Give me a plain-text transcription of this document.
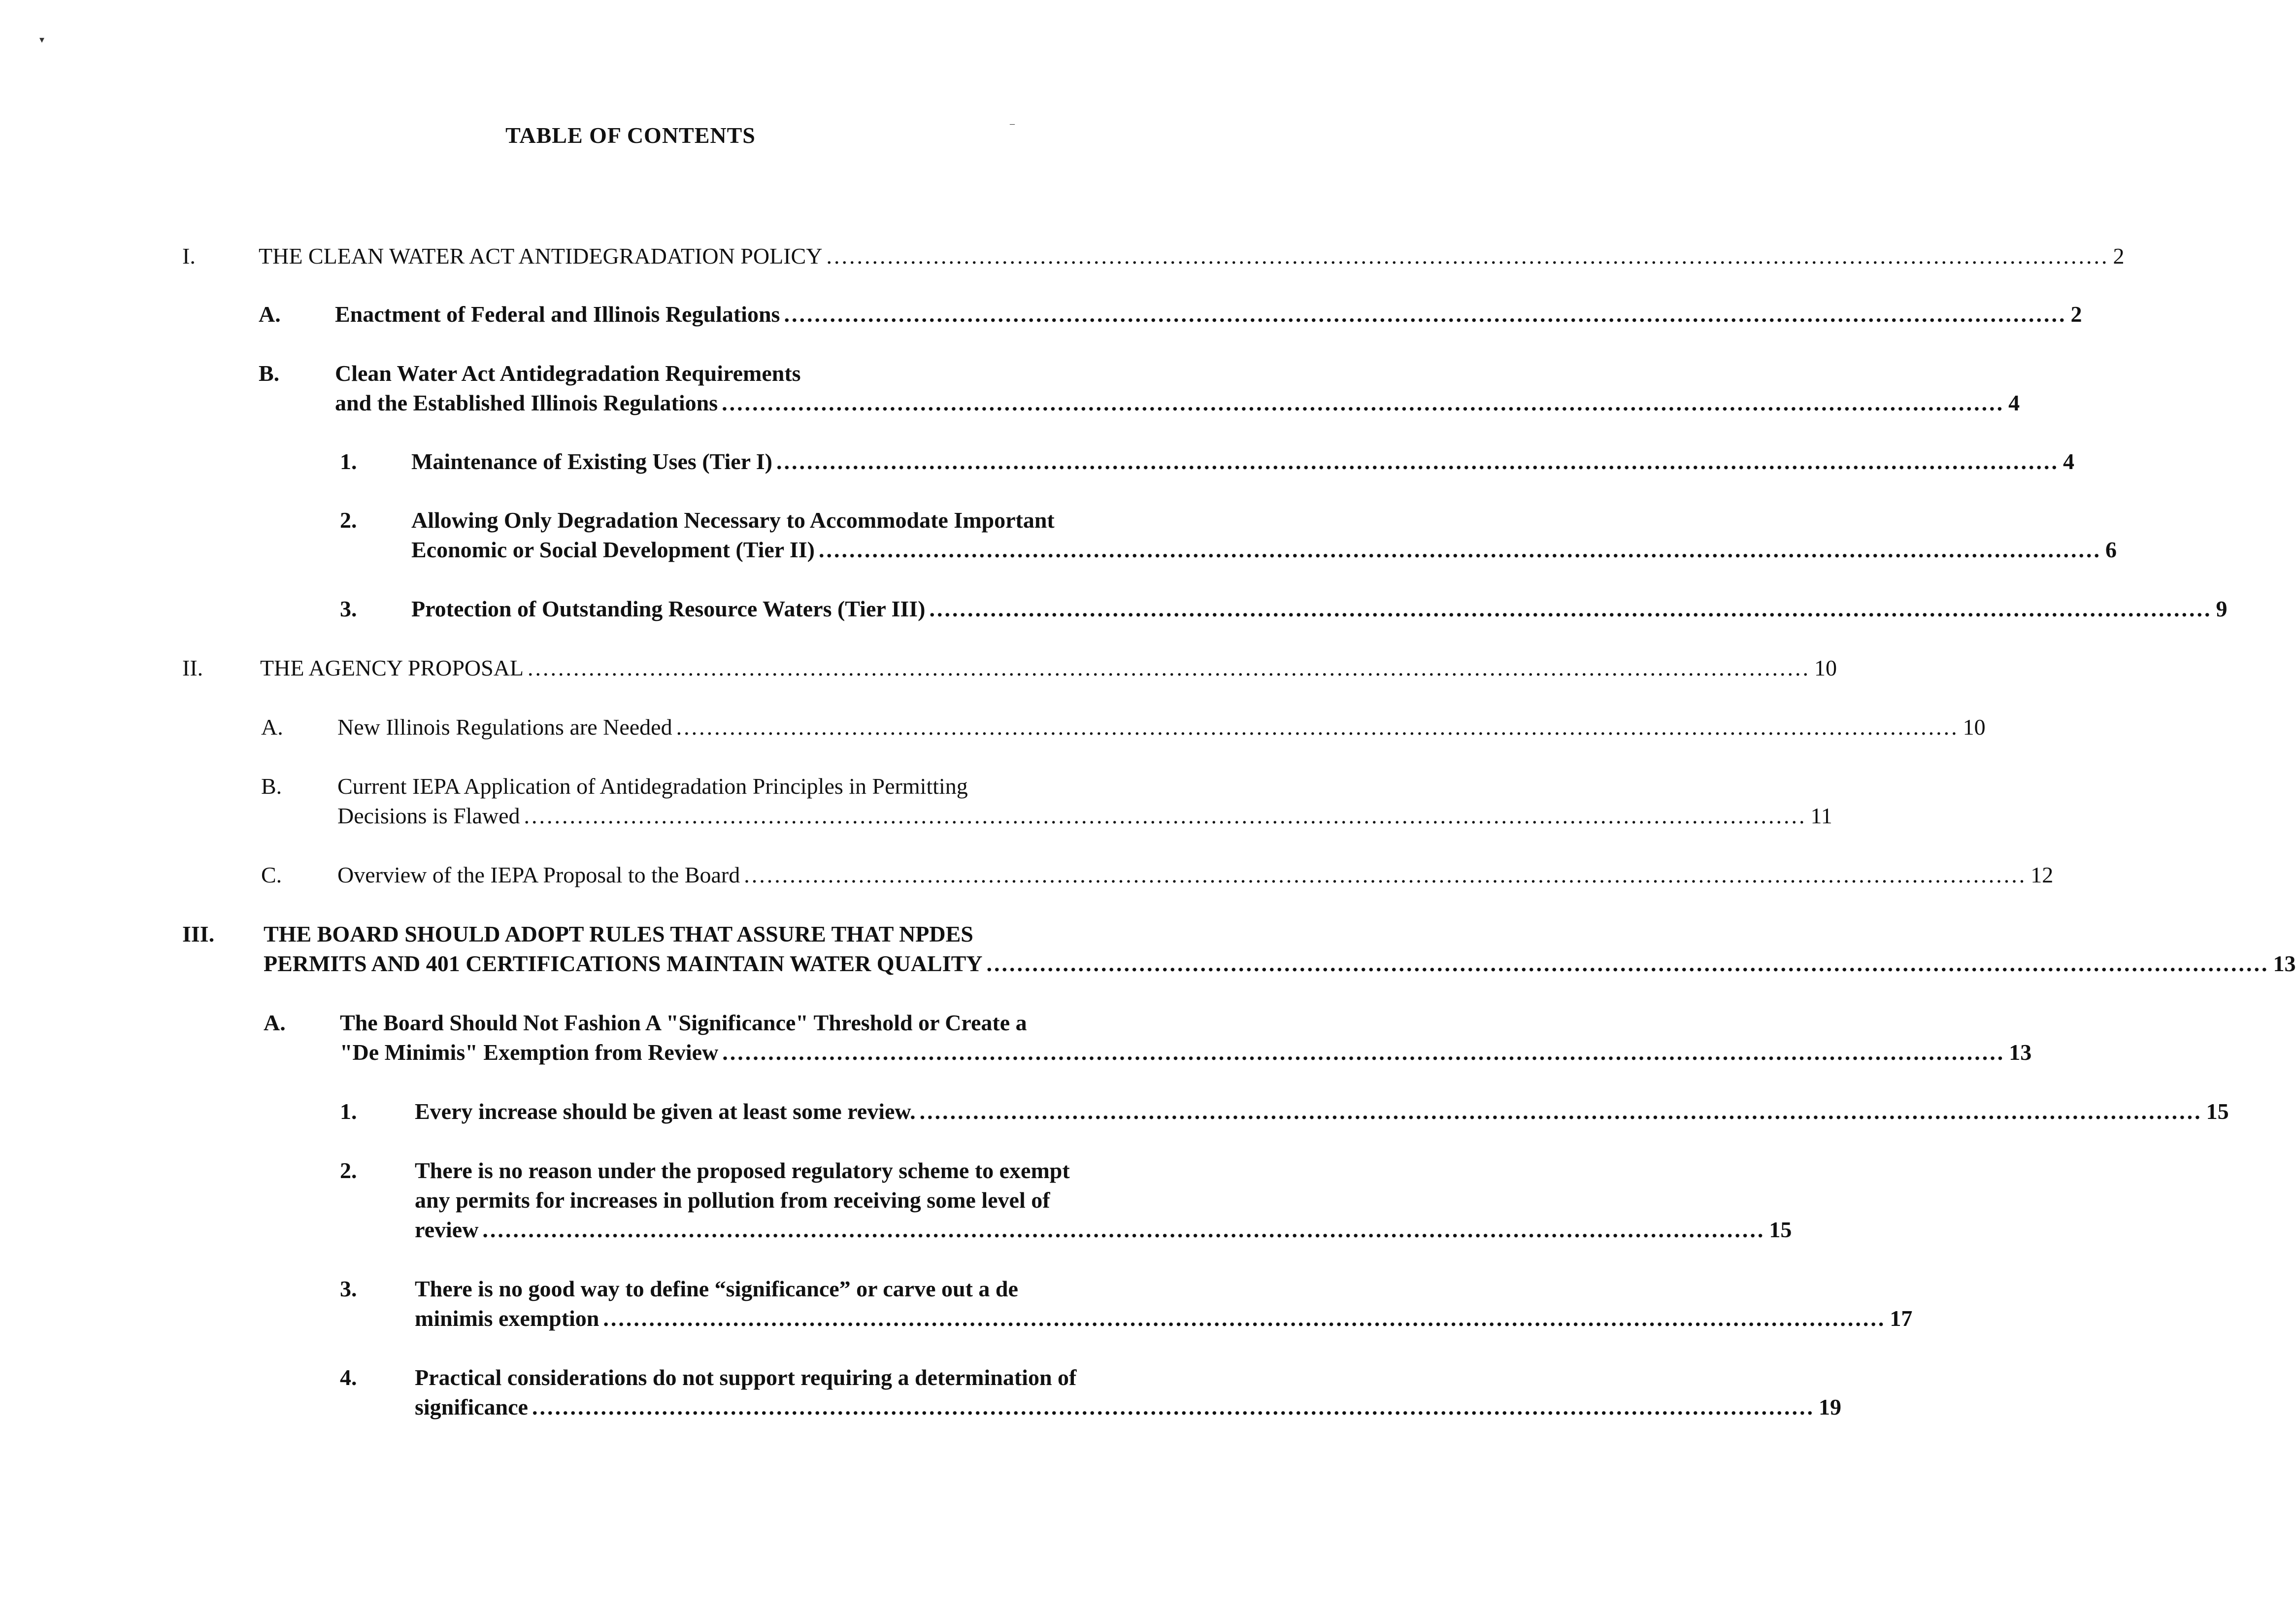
TABLE OF CONTENTS
I.	THE CLEAN WATER ACT ANTIDEGRADATION POLICY ........................................................................................................................................................................ 2
A. Enactment of Federal and Illinois Regulations ........................................................................................................................................................................ 2
B. Clean Water Act Antidegradation Requirements
and the Established Illinois Regulations ........................................................................................................................................................................ 4
1. Maintenance of Existing Uses (Tier I) ........................................................................................................................................................................ 4
2. Allowing Only Degradation Necessary to Accommodate Important
Economic or Social Development (Tier II) ........................................................................................................................................................................ 6
3. Protection of Outstanding Resource Waters (Tier III) ........................................................................................................................................................................ 9
II.	THE AGENCY PROPOSAL ........................................................................................................................................................................ 10
A. New Illinois Regulations are Needed ........................................................................................................................................................................ 10
B. Current IEPA Application of Antidegradation Principles in Permitting
Decisions is Flawed ........................................................................................................................................................................ 11
C. Overview of the IEPA Proposal to the Board ........................................................................................................................................................................ 12
III. THE BOARD SHOULD ADOPT RULES THAT ASSURE THAT NPDES
PERMITS AND 401 CERTIFICATIONS MAINTAIN WATER QUALITY ........................................................................................................................................................................ 13
A. The Board Should Not Fashion A "Significance" Threshold or Create a
"De Minimis" Exemption from Review ........................................................................................................................................................................ 13
1.	Every increase should be given at least some review. ........................................................................................................................................................................ 15
2.	There is no reason under the proposed regulatory scheme to exempt
any permits for increases in pollution from receiving some level of
review ........................................................................................................................................................................ 15
3.	There is no good way to define “significance” or carve out a de
minimis exemption ........................................................................................................................................................................ 17
4.	Practical considerations do not support requiring a determination of
significance ........................................................................................................................................................................ 19
▾
‒
